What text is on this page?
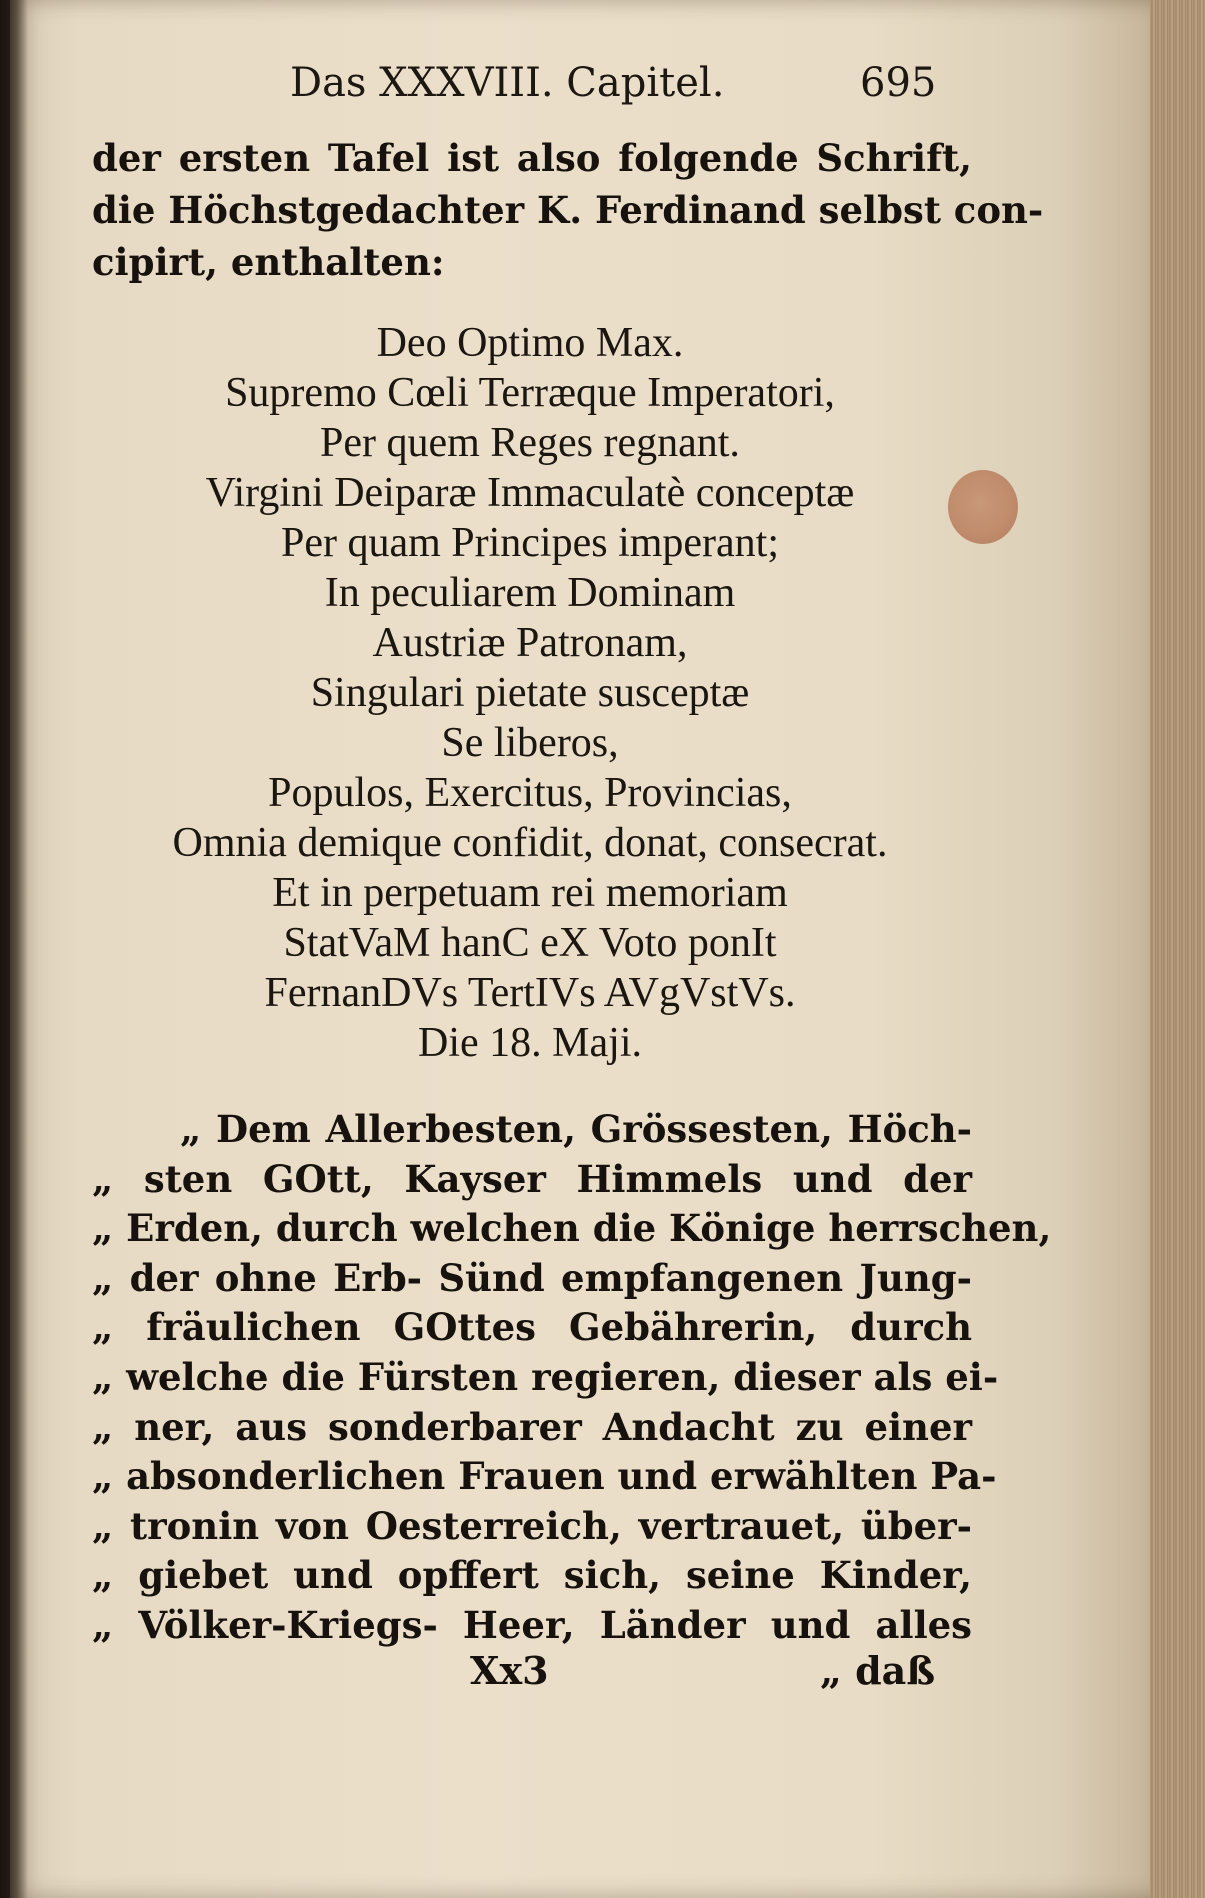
Das XXXVIII. Capitel.	695
der ersten Tafel ist also folgende Schrift,
die Höchstgedachter K. Ferdinand selbst con-
cipirt, enthalten:
Deo Optimo Max.
Supremo Cœli Terræque Imperatori,
Per quem Reges regnant.
Virgini Deiparæ Immaculatè conceptæ
Per quam Principes imperant;
In peculiarem Dominam
Austriæ Patronam,
Singulari pietate susceptæ
Se liberos,
Populos, Exercitus, Provincias,
Omnia demique confidit, donat, consecrat.
Et in perpetuam rei memoriam
StatVaM hanC eX Voto ponIt
FernanDVs TertIVs AVgVstVs.
Die 18. Maji.
„ Dem Allerbesten, Grössesten, Höch-
„ sten GOtt, Kayser Himmels und der
„ Erden, durch welchen die Könige herrschen,
„ der ohne Erb- Sünd empfangenen Jung-
„ fräulichen GOttes Gebährerin, durch
„ welche die Fürsten regieren, dieser als ei-
„ ner, aus sonderbarer Andacht zu einer
„ absonderlichen Frauen und erwählten Pa-
„ tronin von Oesterreich, vertrauet, über-
„ giebet und opffert sich, seine Kinder,
„ Völker-Kriegs- Heer, Länder und alles
Xx3	„ daß
